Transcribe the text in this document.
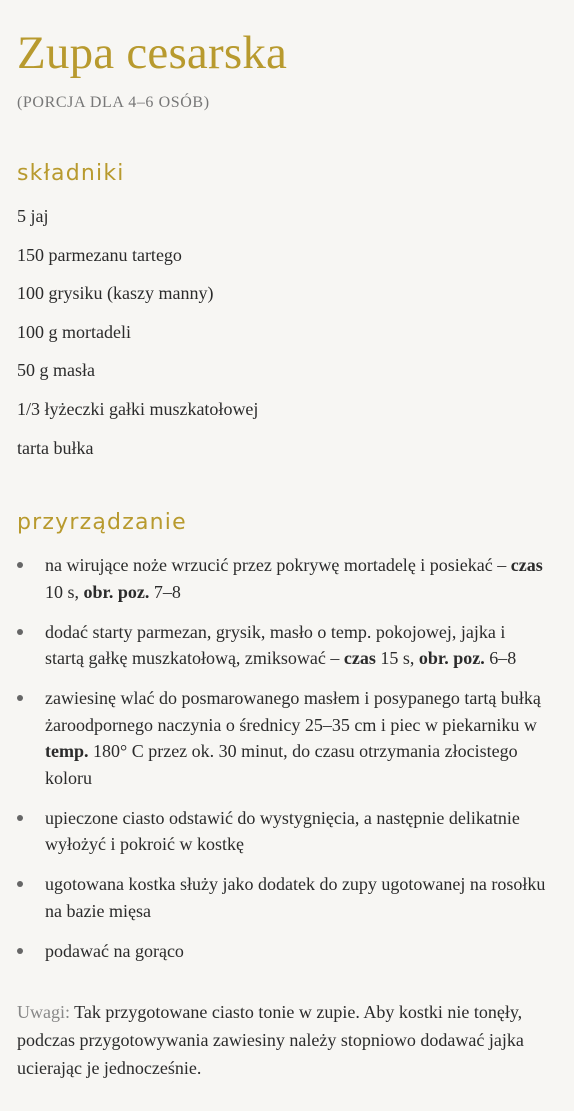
Zupa cesarska
(PORCJA DLA 4–6 OSÓB)
składniki
5 jaj
150 parmezanu tartego
100 grysiku (kaszy manny)
100 g mortadeli
50 g masła
1/3 łyżeczki gałki muszkatołowej
tarta bułka
przyrządzanie
na wirujące noże wrzucić przez pokrywę mortadelę i posiekać – czas 10 s, obr. poz. 7–8
dodać starty parmezan, grysik, masło o temp. pokojowej, jajka i startą gałkę muszkatołową, zmiksować – czas 15 s, obr. poz. 6–8
zawiesinę wlać do posmarowanego masłem i posypanego tartą bułką żaroodpornego naczynia o średnicy 25–35 cm i piec w piekarniku w temp. 180° C przez ok. 30 minut, do czasu otrzymania złocistego koloru
upieczone ciasto odstawić do wystygnięcia, a następnie delikatnie wyłożyć i pokroić w kostkę
ugotowana kostka służy jako dodatek do zupy ugotowanej na rosołku na bazie mięsa
podawać na gorąco
Uwagi: Tak przygotowane ciasto tonie w zupie. Aby kostki nie tonęły, podczas przygotowywania zawiesiny należy stopniowo dodawać jajka ucierając je jednocześnie.
